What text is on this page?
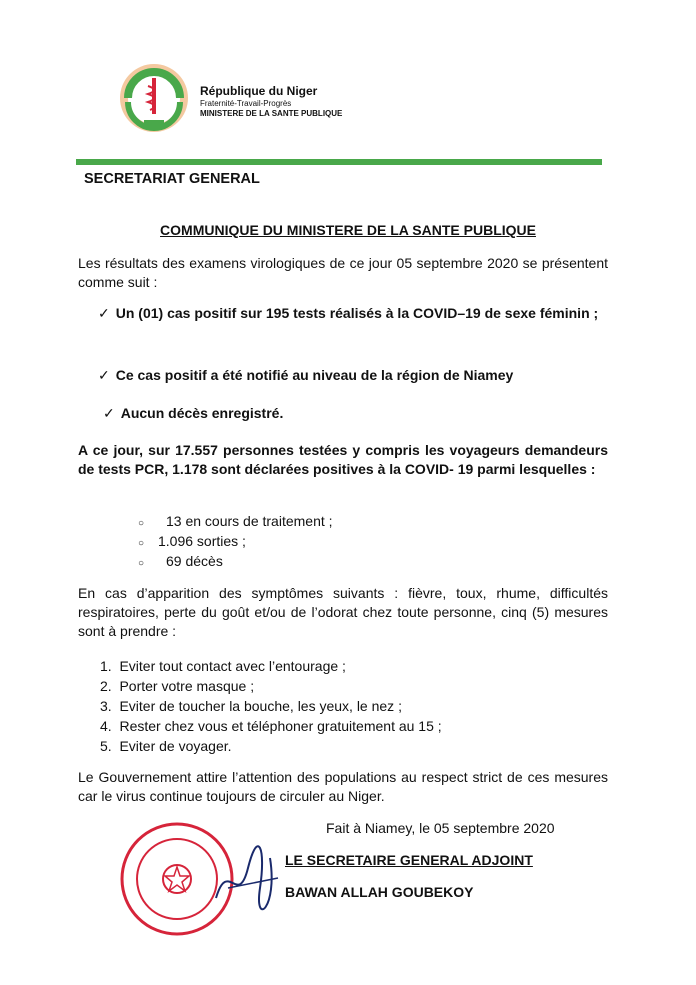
République du Niger
Fraternité-Travail-Progrès
MINISTERE DE LA SANTE PUBLIQUE
SECRETARIAT GENERAL
COMMUNIQUE DU MINISTERE DE LA SANTE PUBLIQUE
Les résultats des examens virologiques de ce jour 05 septembre 2020 se présentent comme suit :
✓ Un (01) cas positif sur 195 tests réalisés à la COVID–19 de sexe féminin ;
✓ Ce cas positif a été notifié au niveau de la région de Niamey
✓ Aucun décès enregistré.
A ce jour, sur 17.557 personnes testées y compris les voyageurs demandeurs de tests PCR, 1.178 sont déclarées positives à la COVID- 19 parmi lesquelles :
○ 13 en cours de traitement ;
○ 1.096 sorties ;
○ 69 décès
En cas d’apparition des symptômes suivants : fièvre, toux, rhume, difficultés respiratoires, perte du goût et/ou de l’odorat chez toute personne, cinq (5) mesures sont à prendre :
1.  Eviter tout contact avec l’entourage ;
2.  Porter votre masque ;
3.  Eviter de toucher la bouche, les yeux, le nez ;
4.  Rester chez vous et téléphoner gratuitement au 15 ;
5.  Eviter de voyager.
Le Gouvernement attire l’attention des populations au respect strict de ces mesures car le virus continue toujours de circuler au Niger.
Fait à Niamey, le 05 septembre 2020
LE SECRETAIRE GENERAL ADJOINT
BAWAN ALLAH GOUBEKOY
